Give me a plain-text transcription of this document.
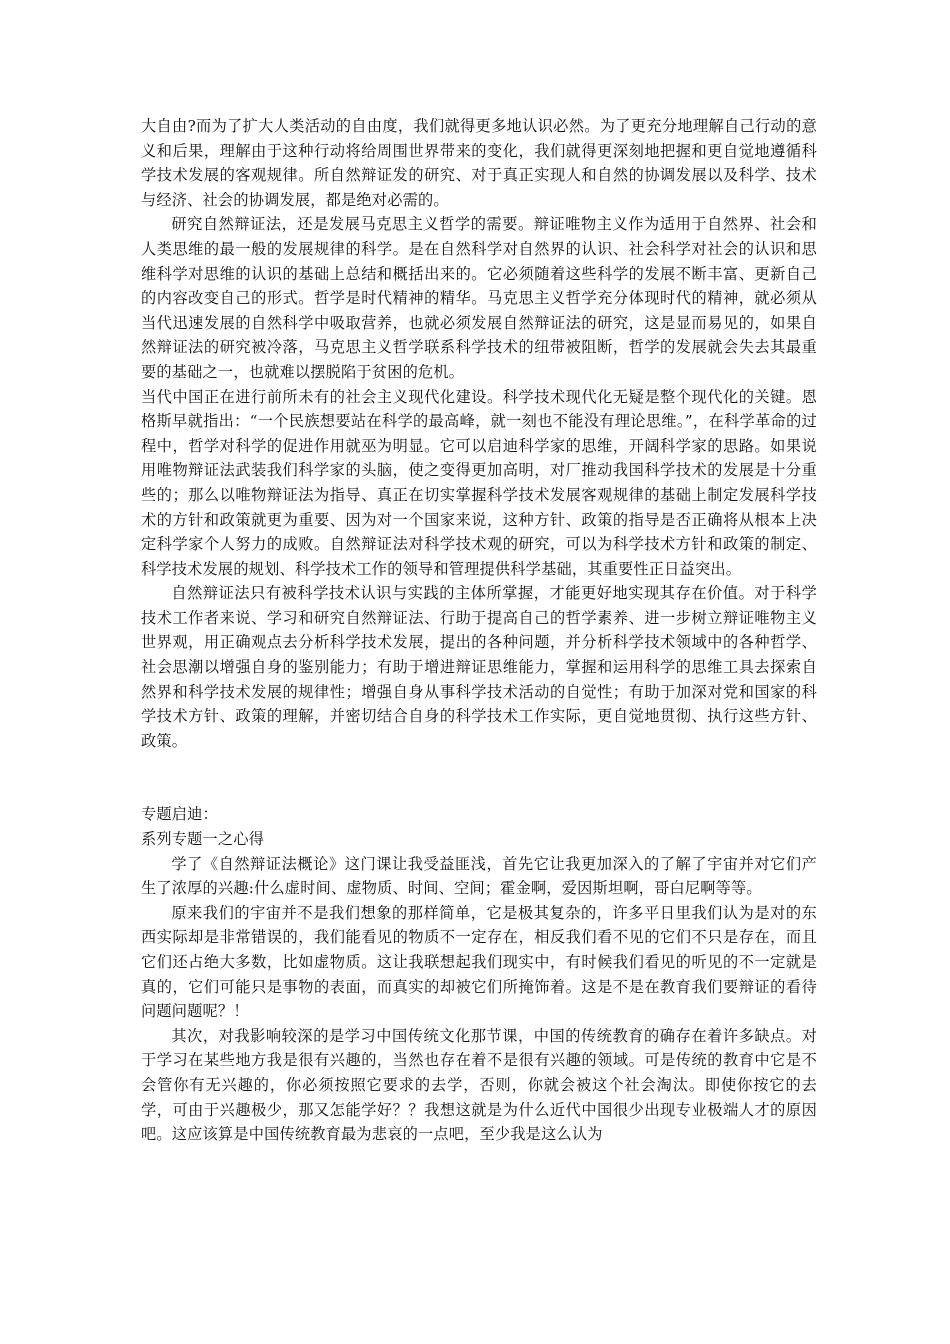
大自由?而为了扩大人类活动的自由度，我们就得更多地认识必然。为了更充分地理解自己行动的意义和后果，理解由于这种行动将给周围世界带来的变化，我们就得更深刻地把握和更自觉地遵循科学技术发展的客观规律。所自然辩证发的研究、对于真正实现人和自然的协调发展以及科学、技术与经济、社会的协调发展，都是绝对必需的。

研究自然辩证法，还是发展马克思主义哲学的需要。辩证唯物主义作为适用于自然界、社会和人类思维的最一般的发展规律的科学。是在自然科学对自然界的认识、社会科学对社会的认识和思维科学对思维的认识的基础上总结和概括出来的。它必须随着这些科学的发展不断丰富、更新自己的内容改变自己的形式。哲学是时代精神的精华。马克思主义哲学充分体现时代的精神，就必须从当代迅速发展的自然科学中吸取营养，也就必须发展自然辩证法的研究，这是显而易见的，如果自然辩证法的研究被冷落，马克思主义哲学联系科学技术的纽带被阻断，哲学的发展就会失去其最重要的基础之一，也就难以摆脱陷于贫困的危机。

当代中国正在进行前所未有的社会主义现代化建设。科学技术现代化无疑是整个现代化的关键。恩格斯早就指出：“一个民族想要站在科学的最高峰，就一刻也不能没有理论思维。”，在科学革命的过程中，哲学对科学的促进作用就巫为明显。它可以启迪科学家的思维，开阔科学家的思路。如果说用唯物辩证法武装我们科学家的头脑，使之变得更加高明，对厂推动我国科学技术的发展是十分重些的；那么以唯物辩证法为指导、真正在切实掌握科学技术发展客观规律的基础上制定发展科学技术的方针和政策就更为重要、因为对一个国家来说，这种方针、政策的指导是否正确将从根本上决定科学家个人努力的成败。自然辩证法对科学技术观的研究，可以为科学技术方针和政策的制定、科学技术发展的规划、科学技术工作的领导和管理提供科学基础，其重要性正日益突出。

自然辩证法只有被科学技术认识与实践的主体所掌握，才能更好地实现其存在价值。对于科学技术工作者来说、学习和研究自然辩证法、行助于提高自己的哲学素养、进一步树立辩证唯物主义世界观，用正确观点去分析科学技术发展，提出的各种问题，并分析科学技术领域中的各种哲学、社会思潮以增强自身的鉴别能力；有助于增进辩证思维能力，掌握和运用科学的思维工具去探索自然界和科学技术发展的规律性；增强自身从事科学技术活动的自觉性；有助于加深对党和国家的科学技术方针、政策的理解，并密切结合自身的科学技术工作实际，更自觉地贯彻、执行这些方针、政策。

专题启迪：

系列专题一之心得

学了《自然辩证法概论》这门课让我受益匪浅，首先它让我更加深入的了解了宇宙并对它们产生了浓厚的兴趣:什么虚时间、虚物质、时间、空间；霍金啊，爱因斯坦啊，哥白尼啊等等。

原来我们的宇宙并不是我们想象的那样简单，它是极其复杂的，许多平日里我们认为是对的东西实际却是非常错误的，我们能看见的物质不一定存在，相反我们看不见的它们不只是存在，而且它们还占绝大多数，比如虚物质。这让我联想起我们现实中，有时候我们看见的听见的不一定就是真的，它们可能只是事物的表面，而真实的却被它们所掩饰着。这是不是在教育我们要辩证的看待问题问题呢？！

其次，对我影响较深的是学习中国传统文化那节课，中国的传统教育的确存在着许多缺点。对于学习在某些地方我是很有兴趣的，当然也存在着不是很有兴趣的领域。可是传统的教育中它是不会管你有无兴趣的，你必须按照它要求的去学，否则，你就会被这个社会淘汰。即使你按它的去学，可由于兴趣极少，那又怎能学好？？我想这就是为什么近代中国很少出现专业极端人才的原因吧。这应该算是中国传统教育最为悲哀的一点吧，至少我是这么认为
